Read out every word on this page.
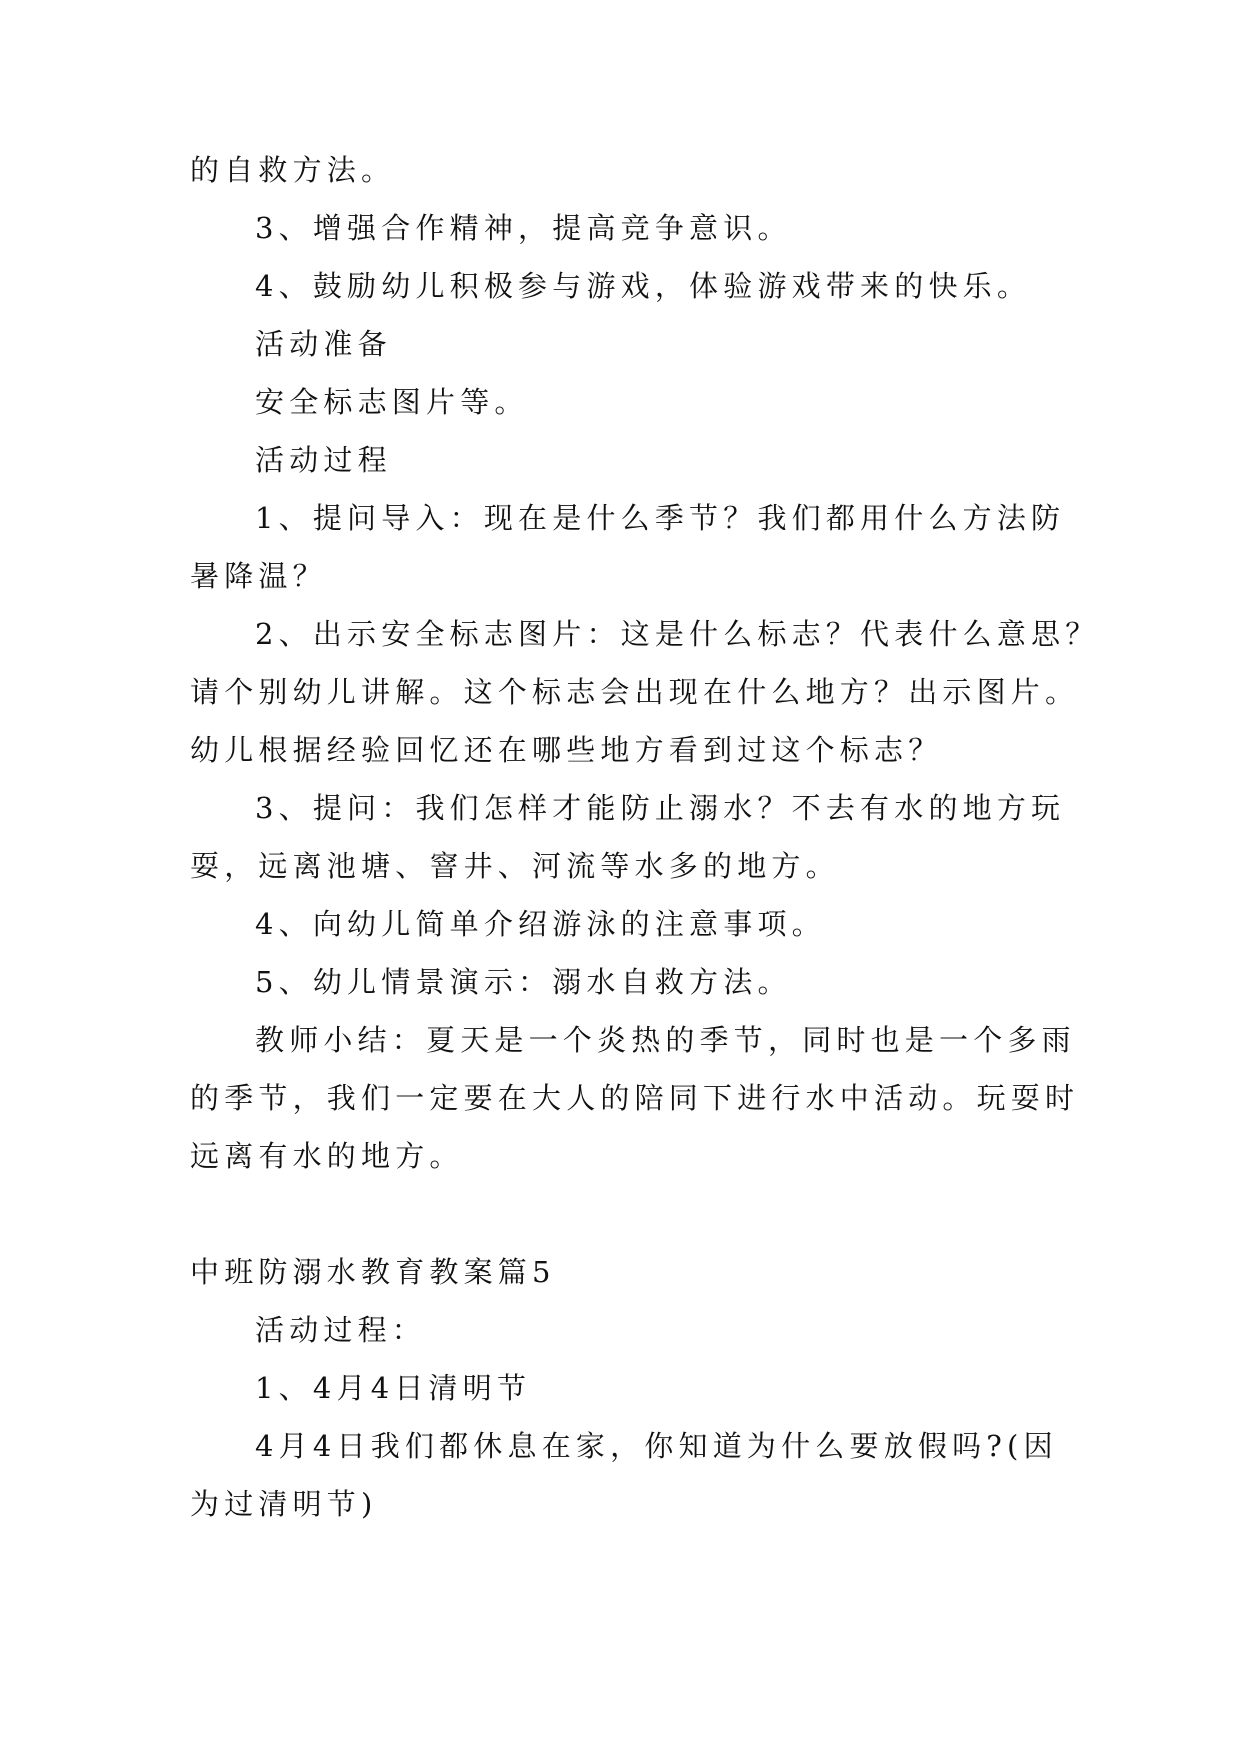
的自救方法。
3、增强合作精神，提高竞争意识。
4、鼓励幼儿积极参与游戏，体验游戏带来的快乐。
活动准备
安全标志图片等。
活动过程
1、提问导入：现在是什么季节？我们都用什么方法防
暑降温？
2、出示安全标志图片：这是什么标志？代表什么意思？
请个别幼儿讲解。这个标志会出现在什么地方？出示图片。
幼儿根据经验回忆还在哪些地方看到过这个标志？
3、提问：我们怎样才能防止溺水？不去有水的地方玩
耍，远离池塘、窨井、河流等水多的地方。
4、向幼儿简单介绍游泳的注意事项。
5、幼儿情景演示：溺水自救方法。
教师小结：夏天是一个炎热的季节，同时也是一个多雨
的季节，我们一定要在大人的陪同下进行水中活动。玩耍时
远离有水的地方。
中班防溺水教育教案篇5
活动过程：
1、4月4日清明节
4月4日我们都休息在家，你知道为什么要放假吗?(因
为过清明节)
